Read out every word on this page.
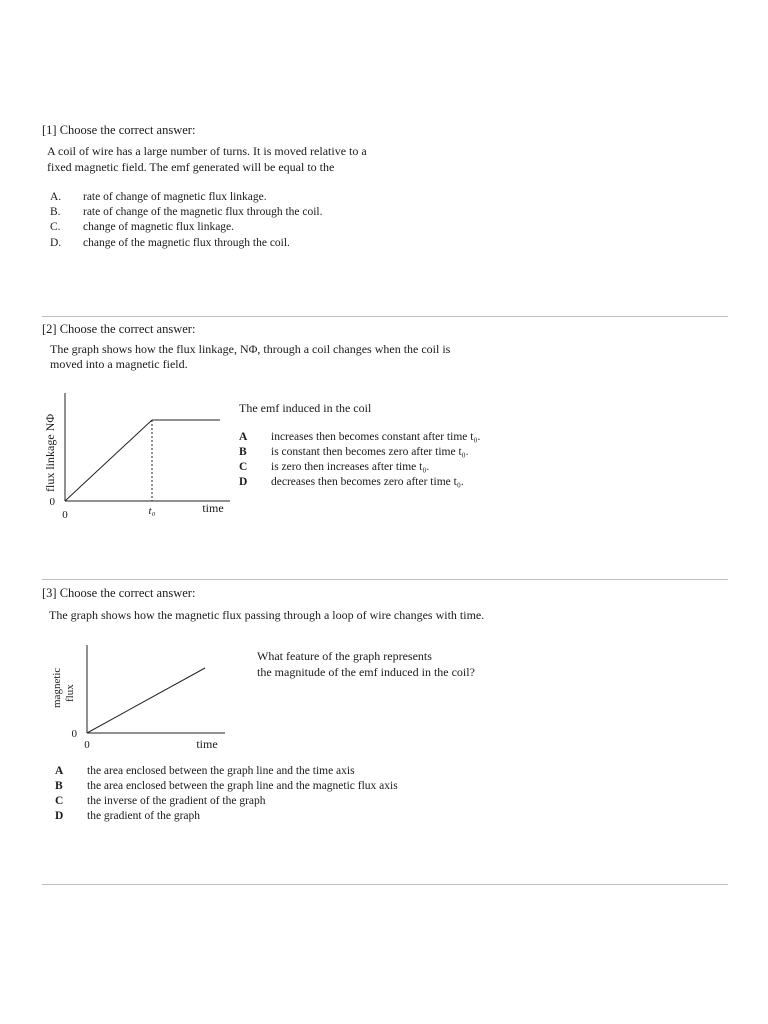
[1] Choose the correct answer:
A coil of wire has a large number of turns. It is moved relative to a
fixed magnetic field. The emf generated will be equal to the
A. rate of change of magnetic flux linkage.
B. rate of change of the magnetic flux through the coil.
C. change of magnetic flux linkage.
D. change of the magnetic flux through the coil.
[2] Choose the correct answer:
The graph shows how the flux linkage, NΦ, through a coil changes when the coil is
moved into a magnetic field.
flux linkage NΦ
0
0	t₀	time
The emf induced in the coil
A increases then becomes constant after time t₀.
B is constant then becomes zero after time t₀.
C is zero then increases after time t₀.
D decreases then becomes zero after time t₀.
[3] Choose the correct answer:
The graph shows how the magnetic flux passing through a loop of wire changes with time.
magnetic flux
0
0	time
What feature of the graph represents
the magnitude of the emf induced in the coil?
A the area enclosed between the graph line and the time axis
B the area enclosed between the graph line and the magnetic flux axis
C the inverse of the gradient of the graph
D the gradient of the graph
